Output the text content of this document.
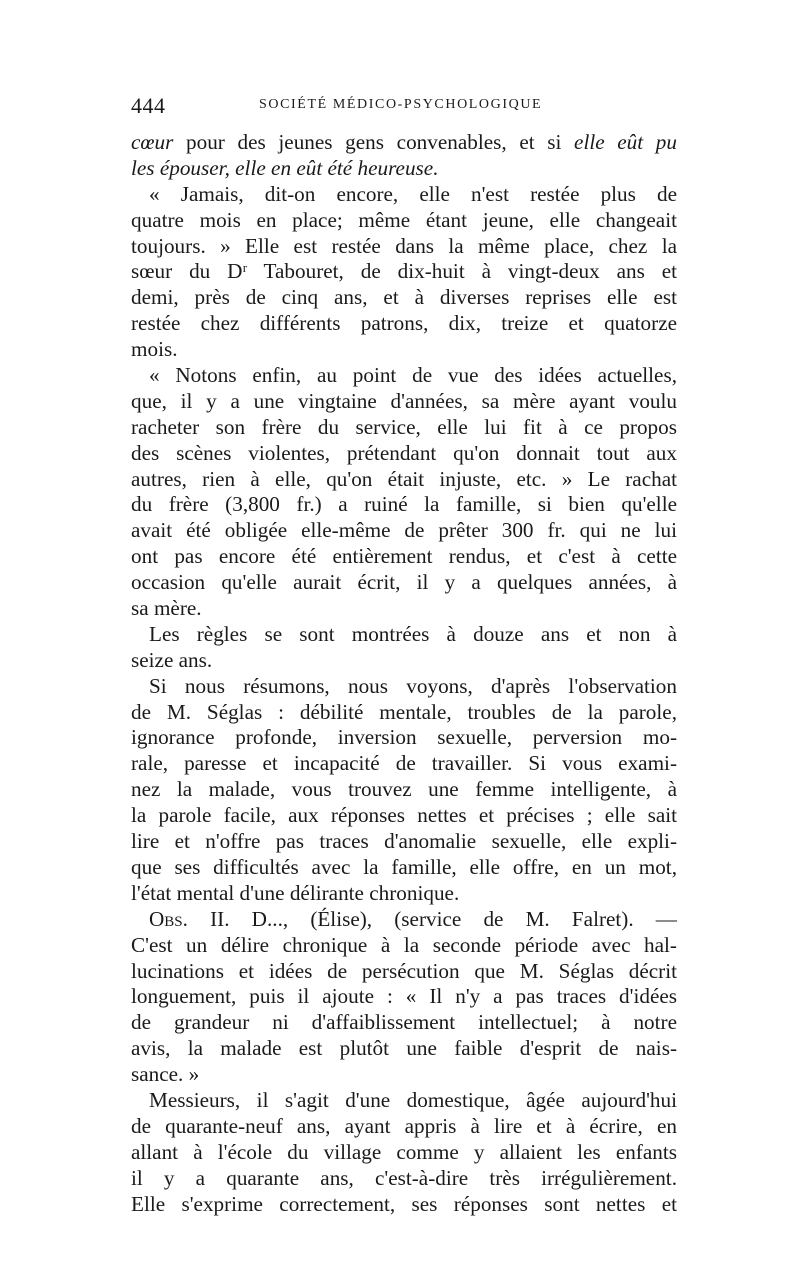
444	SOCIÉTÉ MÉDICO-PSYCHOLOGIQUE
cœur pour des jeunes gens convenables, et si elle eût pu
les épouser, elle en eût été heureuse.
« Jamais, dit-on encore, elle n'est restée plus de
quatre mois en place; même étant jeune, elle changeait
toujours. » Elle est restée dans la même place, chez la
sœur du Dʳ Tabouret, de dix-huit à vingt-deux ans et
demi, près de cinq ans, et à diverses reprises elle est
restée chez différents patrons, dix, treize et quatorze
mois.
« Notons enfin, au point de vue des idées actuelles,
que, il y a une vingtaine d'années, sa mère ayant voulu
racheter son frère du service, elle lui fit à ce propos
des scènes violentes, prétendant qu'on donnait tout aux
autres, rien à elle, qu'on était injuste, etc. » Le rachat
du frère (3,800 fr.) a ruiné la famille, si bien qu'elle
avait été obligée elle-même de prêter 300 fr. qui ne lui
ont pas encore été entièrement rendus, et c'est à cette
occasion qu'elle aurait écrit, il y a quelques années, à
sa mère.
Les règles se sont montrées à douze ans et non à
seize ans.
Si nous résumons, nous voyons, d'après l'observation
de M. Séglas : débilité mentale, troubles de la parole,
ignorance profonde, inversion sexuelle, perversion mo-
rale, paresse et incapacité de travailler. Si vous exami-
nez la malade, vous trouvez une femme intelligente, à
la parole facile, aux réponses nettes et précises ; elle sait
lire et n'offre pas traces d'anomalie sexuelle, elle expli-
que ses difficultés avec la famille, elle offre, en un mot,
l'état mental d'une délirante chronique.
Obs. II. D..., (Élise), (service de M. Falret). —
C'est un délire chronique à la seconde période avec hal-
lucinations et idées de persécution que M. Séglas décrit
longuement, puis il ajoute : « Il n'y a pas traces d'idées
de grandeur ni d'affaiblissement intellectuel; à notre
avis, la malade est plutôt une faible d'esprit de nais-
sance. »
Messieurs, il s'agit d'une domestique, âgée aujourd'hui
de quarante-neuf ans, ayant appris à lire et à écrire, en
allant à l'école du village comme y allaient les enfants
il y a quarante ans, c'est-à-dire très irrégulièrement.
Elle s'exprime correctement, ses réponses sont nettes et
